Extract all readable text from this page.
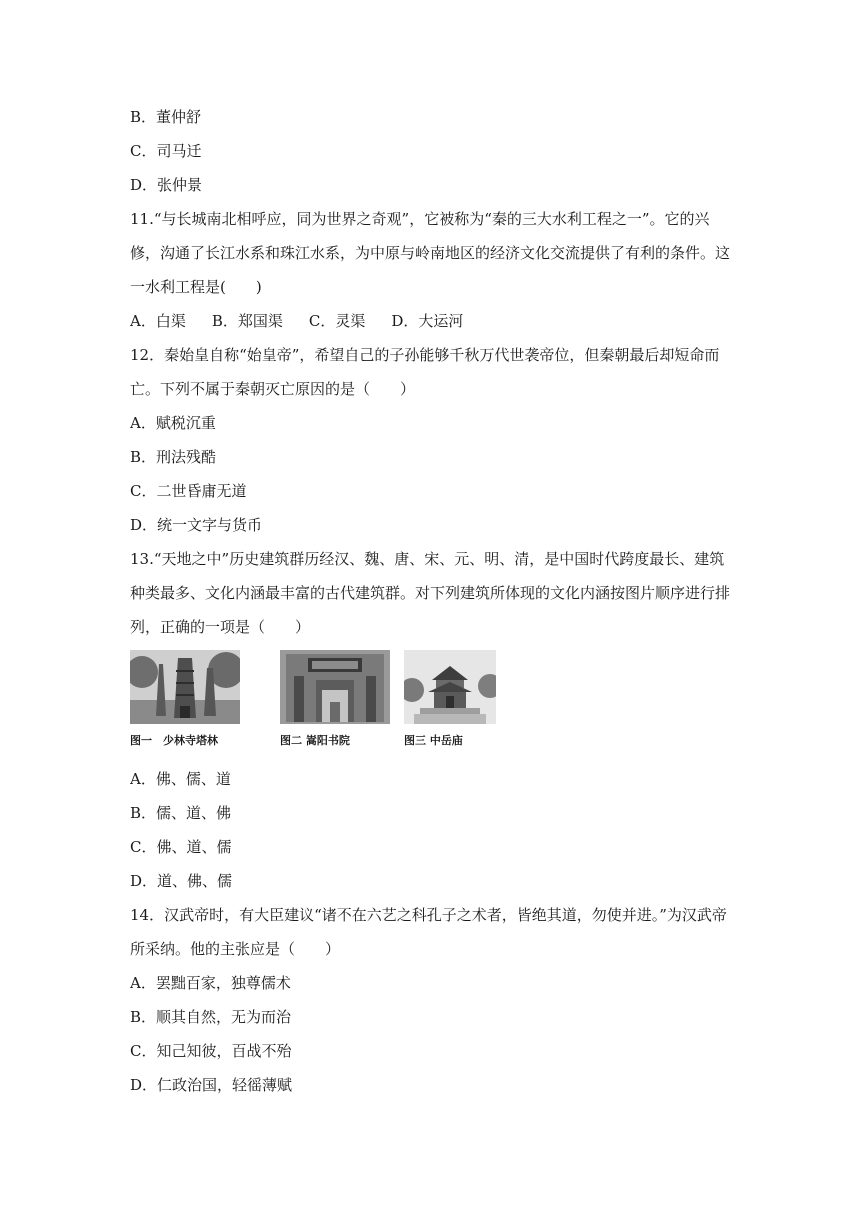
B．董仲舒
C．司马迁
D．张仲景
11.“与长城南北相呼应，同为世界之奇观”，它被称为“秦的三大水利工程之一”。它的兴修，沟通了长江水系和珠江水系，为中原与岭南地区的经济文化交流提供了有利的条件。这一水利工程是(　　)
A．白渠 B．郑国渠 C．灵渠 D．大运河
12．秦始皇自称“始皇帝”，希望自己的子孙能够千秋万代世袭帝位，但秦朝最后却短命而亡。下列不属于秦朝灭亡原因的是（　　）
A．赋税沉重
B．刑法残酷
C．二世昏庸无道
D．统一文字与货币
13.“天地之中”历史建筑群历经汉、魏、唐、宋、元、明、清，是中国时代跨度最长、建筑种类最多、文化内涵最丰富的古代建筑群。对下列建筑所体现的文化内涵按图片顺序进行排列，正确的一项是（　　）
图一　少林寺塔林	图二 嵩阳书院	图三 中岳庙
A．佛、儒、道
B．儒、道、佛
C．佛、道、儒
D．道、佛、儒
14．汉武帝时，有大臣建议“诸不在六艺之科孔子之术者，皆绝其道，勿使并进。”为汉武帝所采纳。他的主张应是（　　）
A．罢黜百家，独尊儒术
B．顺其自然，无为而治
C．知己知彼，百战不殆
D．仁政治国，轻徭薄赋
